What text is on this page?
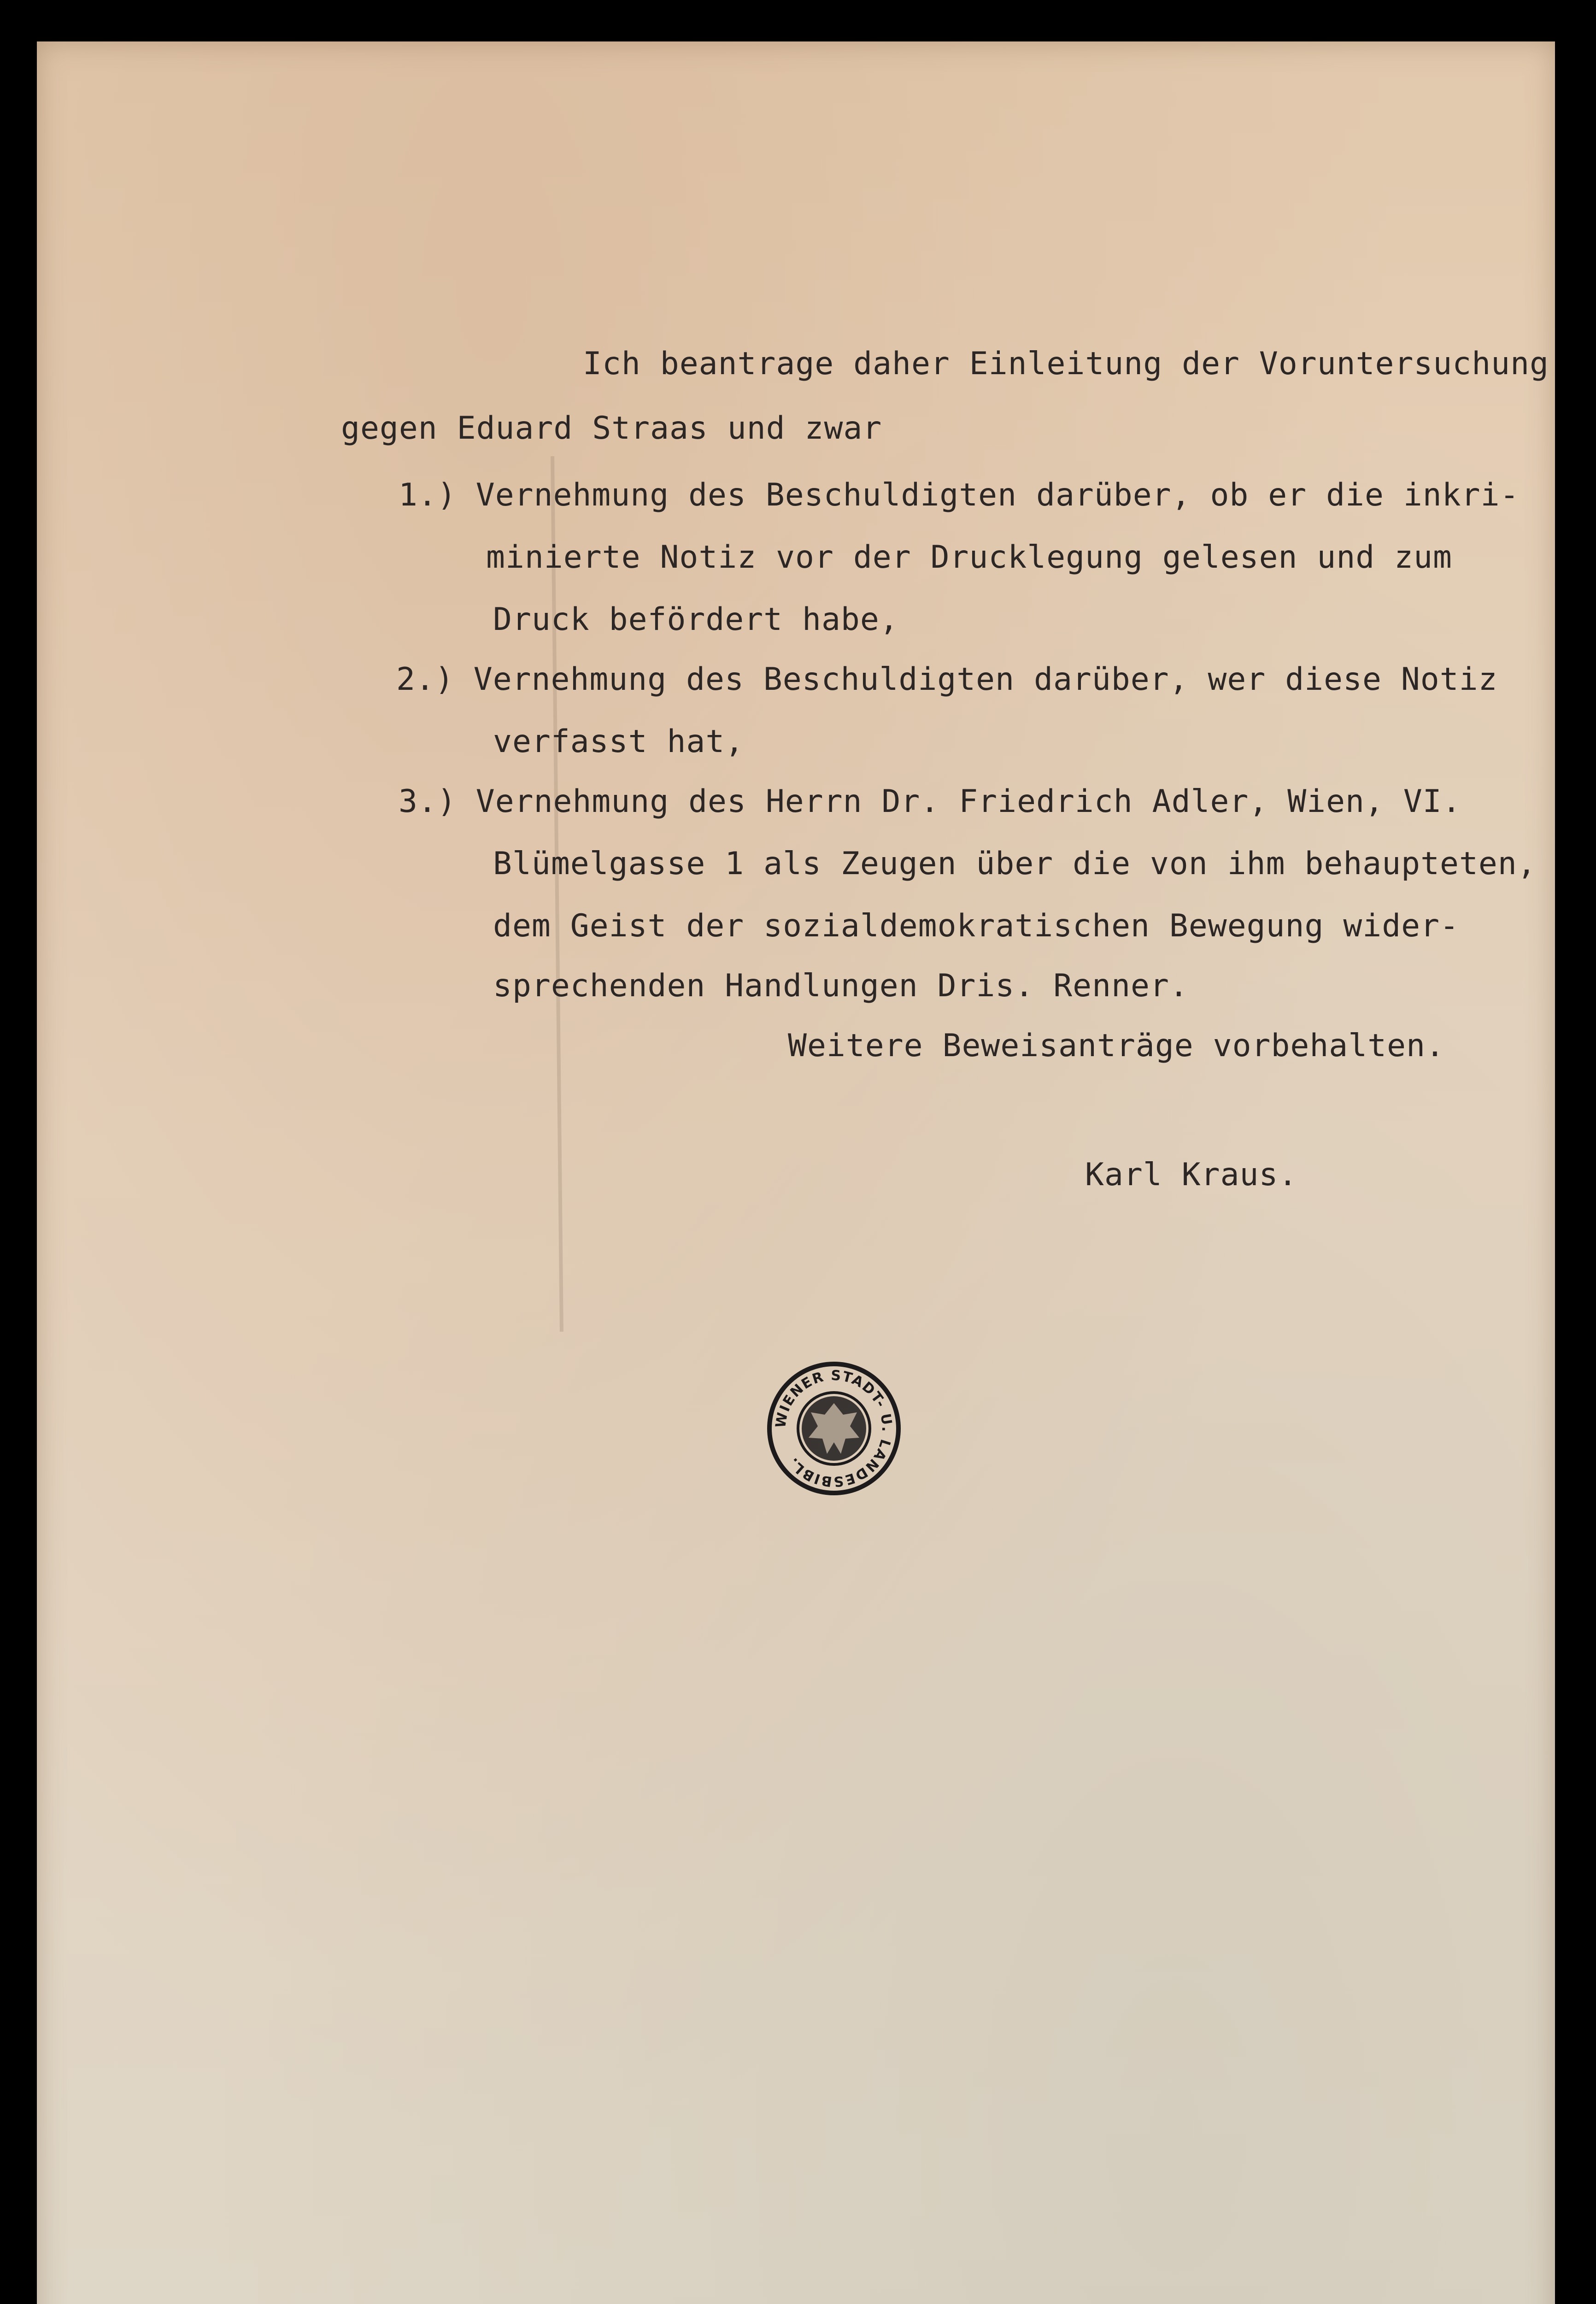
Ich beantrage daher Einleitung der Voruntersuchung
gegen Eduard Straas und zwar
1.) Vernehmung des Beschuldigten darüber, ob er die inkri-
minierte Notiz vor der Drucklegung gelesen und zum
Druck befördert habe,
2.) Vernehmung des Beschuldigten darüber, wer diese Notiz
verfasst hat,
3.) Vernehmung des Herrn Dr. Friedrich Adler, Wien, VI.
Blümelgasse 1 als Zeugen über die von ihm behaupteten,
dem Geist der sozialdemokratischen Bewegung wider-
sprechenden Handlungen Dris. Renner.
Weitere Beweisanträge vorbehalten.
Karl Kraus.
WIENER STADT- U. LANDESBIBL.
